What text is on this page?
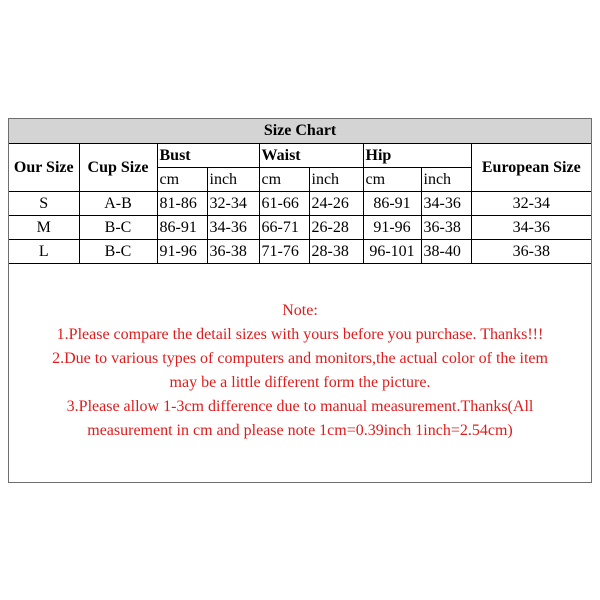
Size Chart								
Our Size	Cup Size	Bust		Waist		Hip		European Size
		cm	inch	cm	inch	cm	inch	
S	A-B	81-86	32-34	61-66	24-26	86-91	34-36	32-34
M	B-C	86-91	34-36	66-71	26-28	91-96	36-38	34-36
L	B-C	91-96	36-38	71-76	28-38	96-101	38-40	36-38
Note:
1.Please compare the detail sizes with yours before you purchase. Thanks!!!
2.Due to various types of computers and monitors,the actual color of the item
may be a little different form the picture.
3.Please allow 1-3cm difference due to manual measurement.Thanks(All
measurement in cm and please note 1cm=0.39inch 1inch=2.54cm)
